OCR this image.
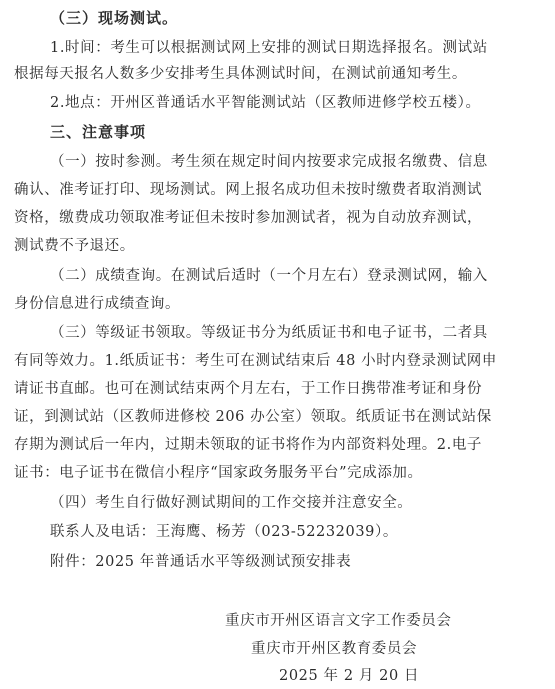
（三）现场测试。
1.时间：考生可以根据测试网上安排的测试日期选择报名。测试站
根据每天报名人数多少安排考生具体测试时间，在测试前通知考生。
2.地点：开州区普通话水平智能测试站（区教师进修学校五楼）。
三、注意事项
（一）按时参测。考生须在规定时间内按要求完成报名缴费、信息
确认、准考证打印、现场测试。网上报名成功但未按时缴费者取消测试
资格，缴费成功领取准考证但未按时参加测试者，视为自动放弃测试，
测试费不予退还。
（二）成绩查询。在测试后适时（一个月左右）登录测试网，输入
身份信息进行成绩查询。
（三）等级证书领取。等级证书分为纸质证书和电子证书，二者具
有同等效力。1.纸质证书：考生可在测试结束后 48 小时内登录测试网申
请证书直邮。也可在测试结束两个月左右，于工作日携带准考证和身份
证，到测试站（区教师进修校 206 办公室）领取。纸质证书在测试站保
存期为测试后一年内，过期未领取的证书将作为内部资料处理。2.电子
证书：电子证书在微信小程序“国家政务服务平台”完成添加。
（四）考生自行做好测试期间的工作交接并注意安全。
联系人及电话：王海鹰、杨芳（023-52232039）。
附件：2025 年普通话水平等级测试预安排表
重庆市开州区语言文字工作委员会
重庆市开州区教育委员会
2025 年 2 月 20 日
